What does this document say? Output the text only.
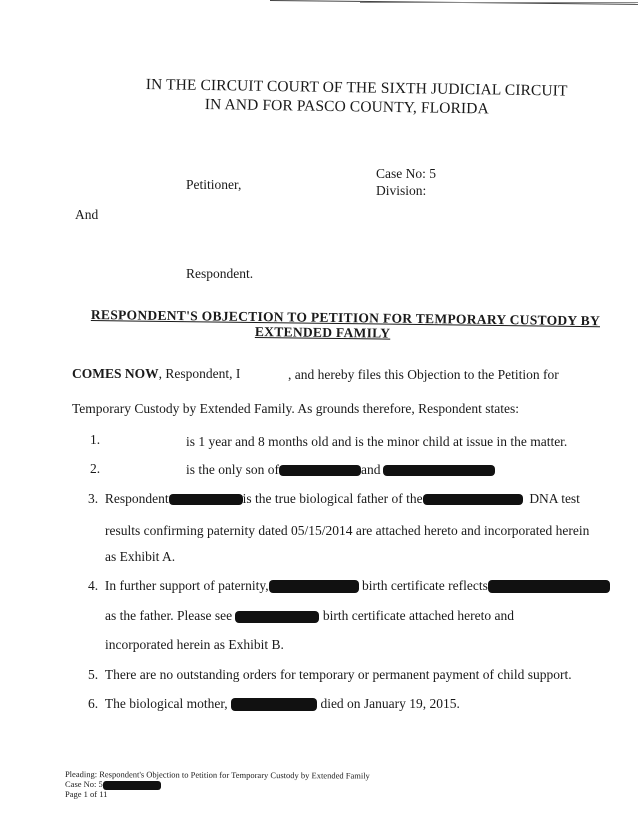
IN THE CIRCUIT COURT OF THE SIXTH JUDICIAL CIRCUIT
IN AND FOR PASCO COUNTY, FLORIDA
Case No: 5
Division:
Petitioner,
And
Respondent.
RESPONDENT'S OBJECTION TO PETITION FOR TEMPORARY CUSTODY BY
EXTENDED FAMILY
COMES NOW, Respondent, I	, and hereby files this Objection to the Petition for
Temporary Custody by Extended Family. As grounds therefore, Respondent states:
1.	is 1 year and 8 months old and is the minor child at issue in the matter.
2.	is the only son of	and
3. Respondent	is the true biological father of the	DNA test
results confirming paternity dated 05/15/2014 are attached hereto and incorporated herein
as Exhibit A.
4. In further support of paternity,	birth certificate reflects
as the father. Please see	birth certificate attached hereto and
incorporated herein as Exhibit B.
5. There are no outstanding orders for temporary or permanent payment of child support.
6. The biological mother,	died on January 19, 2015.
Pleading: Respondent's Objection to Petition for Temporary Custody by Extended Family
Case No: 5
Page 1 of 11
